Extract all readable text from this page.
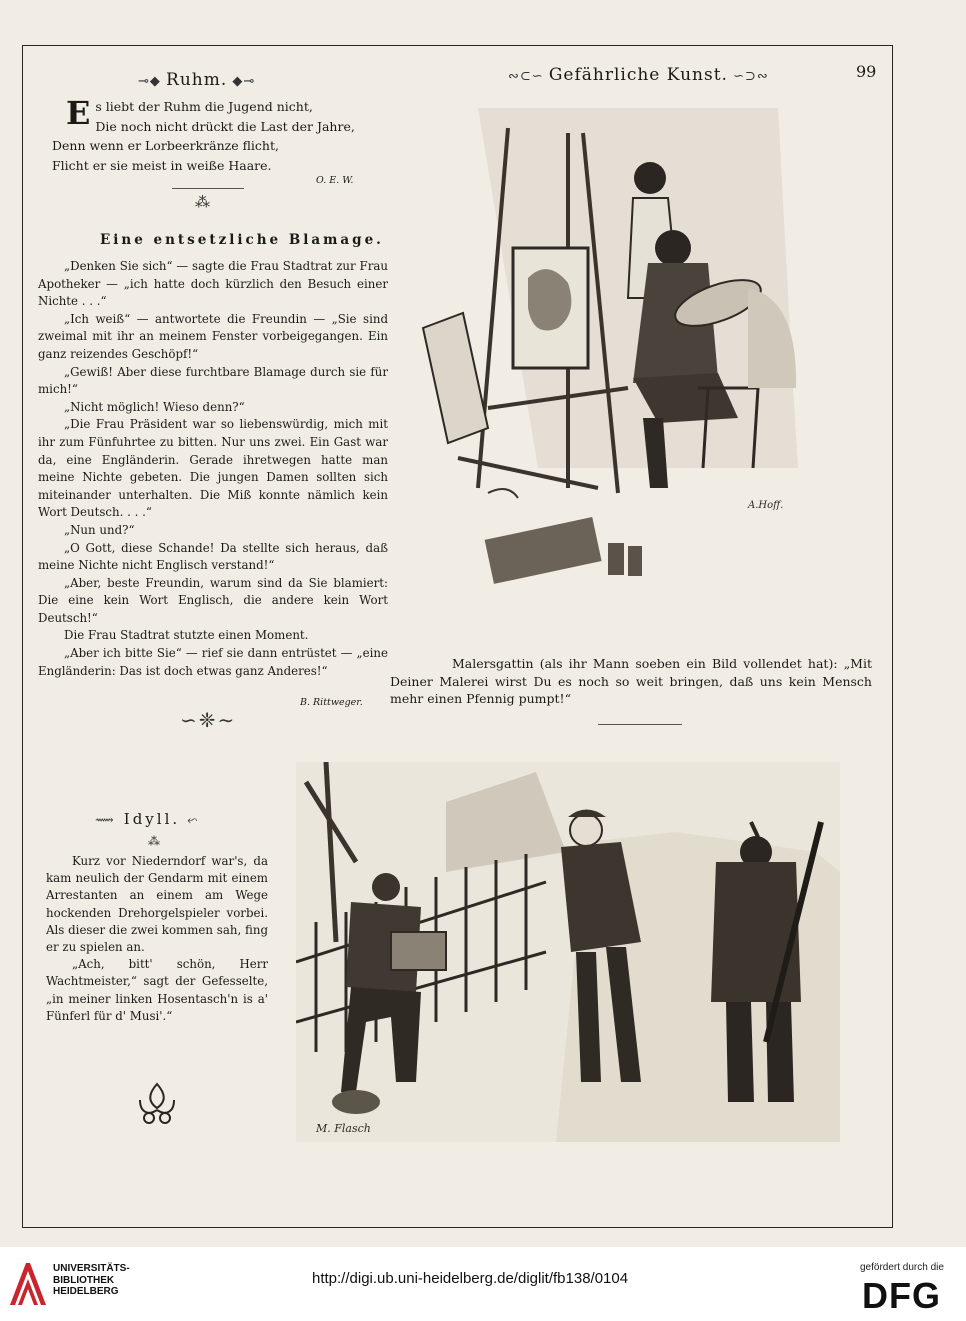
⊸◆ Ruhm. ◆⊸	∾⊂∽ Gefährliche Kunst. ∽⊃∾	99
E s liebt der Ruhm die Jugend nicht,
Die noch nicht drückt die Last der Jahre,
Denn wenn er Lorbeerkränze flicht,
Flicht er sie meist in weiße Haare.
O. E. W.
⁂
Eine entsetzliche Blamage.

„Denken Sie sich“ — sagte die Frau Stadtrat zur Frau Apotheker — „ich hatte doch kürzlich den Besuch einer Nichte . . .“

„Ich weiß“ — antwortete die Freundin — „Sie sind zweimal mit ihr an meinem Fenster vorbeigegangen. Ein ganz reizendes Geschöpf!“

„Gewiß! Aber diese furchtbare Blamage durch sie für mich!“

„Nicht möglich! Wieso denn?“

„Die Frau Präsident war so liebenswürdig, mich mit ihr zum Fünfuhrtee zu bitten. Nur uns zwei. Ein Gast war da, eine Engländerin. Gerade ihretwegen hatte man meine Nichte gebeten. Die jungen Damen sollten sich miteinander unterhalten. Die Miß konnte nämlich kein Wort Deutsch. . . .“

„Nun und?“

„O Gott, diese Schande! Da stellte sich heraus, daß meine Nichte nicht Englisch verstand!“

„Aber, beste Freundin, warum sind da Sie blamiert: Die eine kein Wort Englisch, die andere kein Wort Deutsch!“

Die Frau Stadtrat stutzte einen Moment.

„Aber ich bitte Sie“ — rief sie dann entrüstet — „eine Engländerin: Das ist doch etwas ganz Anderes!“

B. Rittweger.
∽❈∼
A.Hoff.

Malersgattin (als ihr Mann soeben ein Bild vollendet hat): „Mit Deiner Malerei wirst Du es noch so weit bringen, daß uns kein Mensch mehr einen Pfennig pumpt!“

⟿ Idyll. ⬿
⁂

Kurz vor Niederndorf war's, da kam neulich der Gendarm mit einem Arrestanten an einem am Wege hockenden Drehorgelspieler vorbei. Als dieser die zwei kommen sah, fing er zu spielen an.

„Ach, bitt' schön, Herr Wachtmeister,“ sagt der Gefesselte, „in meiner linken Hosentasch'n is a' Fünferl für d' Musi'.“

M. Flasch
UNIVERSITÄTS-
BIBLIOTHEK
HEIDELBERG
http://digi.ub.uni-heidelberg.de/diglit/fb138/0104
gefördert durch die
DFG
